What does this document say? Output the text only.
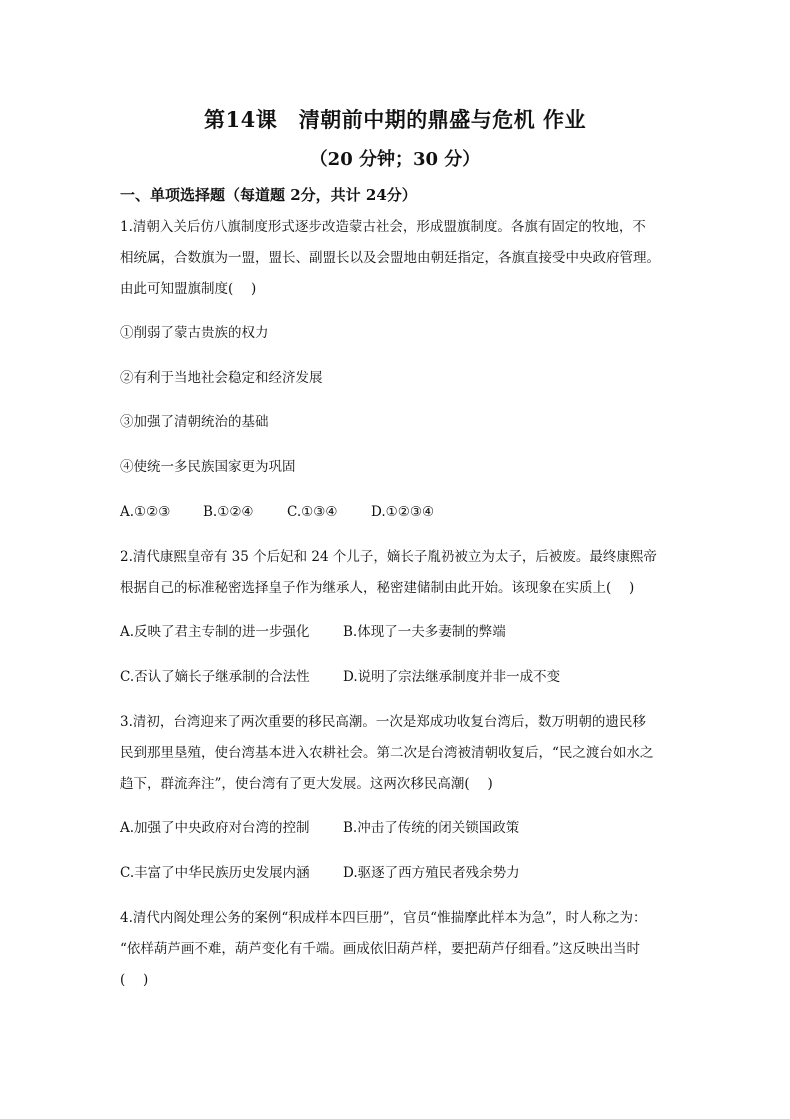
第14课　清朝前中期的鼎盛与危机 作业
（20 分钟；30 分）
一、单项选择题（每道题 2分，共计 24分）
1.清朝入关后仿八旗制度形式逐步改造蒙古社会，形成盟旗制度。各旗有固定的牧地，不
相统属，合数旗为一盟，盟长、副盟长以及会盟地由朝廷指定，各旗直接受中央政府管理。
由此可知盟旗制度(　 )
①削弱了蒙古贵族的权力
②有利于当地社会稳定和经济发展
③加强了清朝统治的基础
④使统一多民族国家更为巩固
A.①②③ B.①②④ C.①③④ D.①②③④
2.清代康熙皇帝有 35 个后妃和 24 个儿子，嫡长子胤礽被立为太子，后被废。最终康熙帝
根据自己的标准秘密选择皇子作为继承人，秘密建储制由此开始。该现象在实质上(　 )
A.反映了君主专制的进一步强化 B.体现了一夫多妻制的弊端
C.否认了嫡长子继承制的合法性 D.说明了宗法继承制度并非一成不变
3.清初，台湾迎来了两次重要的移民高潮。一次是郑成功收复台湾后，数万明朝的遗民移
民到那里垦殖，使台湾基本进入农耕社会。第二次是台湾被清朝收复后，“民之渡台如水之
趋下，群流奔注”，使台湾有了更大发展。这两次移民高潮(　 )
A.加强了中央政府对台湾的控制 B.冲击了传统的闭关锁国政策
C.丰富了中华民族历史发展内涵 D.驱逐了西方殖民者残余势力
4.清代内阁处理公务的案例“积成样本四巨册”，官员“惟揣摩此样本为急”，时人称之为：
“依样葫芦画不难，葫芦变化有千端。画成依旧葫芦样，要把葫芦仔细看。”这反映出当时
(　 )
